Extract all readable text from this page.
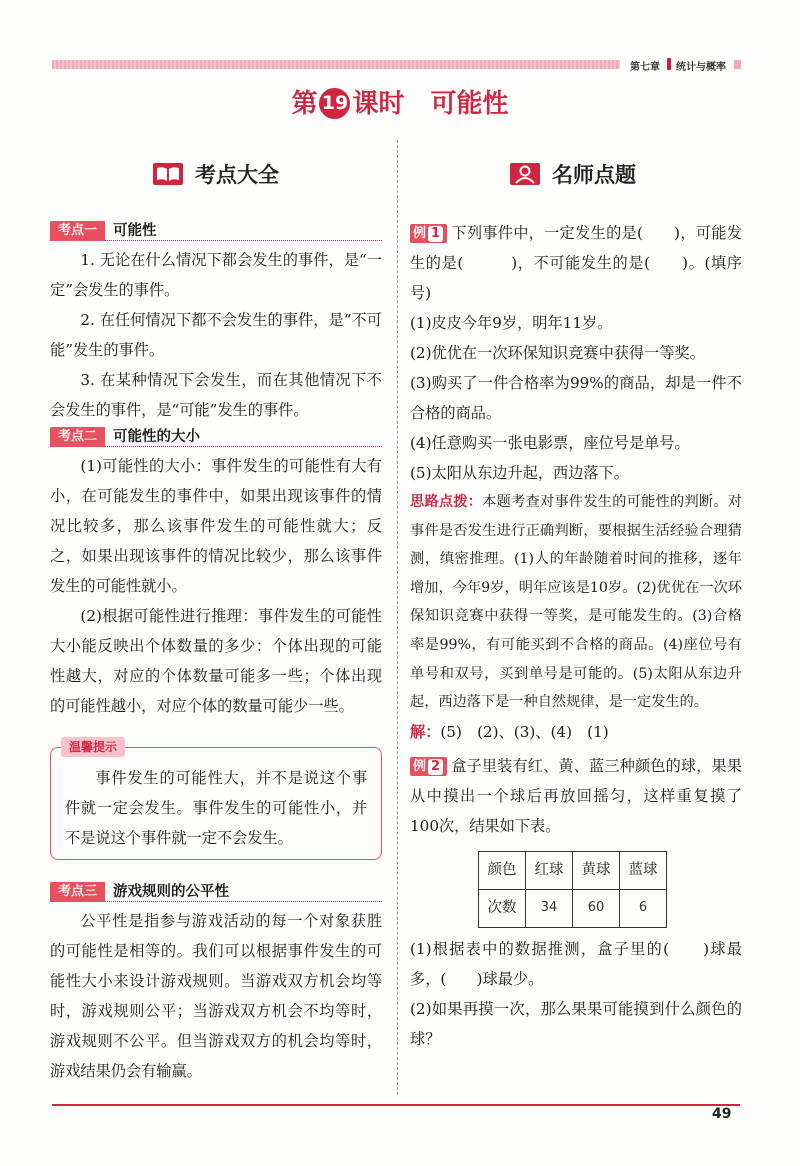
第七章 统计与概率
第 19 课时 可能性
考点大全	名师点题
考点一	可能性

1. 无论在什么情况下都会发生的事件，是“一定”会发生的事件。

2. 在任何情况下都不会发生的事件，是“不可能”发生的事件。

3. 在某种情况下会发生，而在其他情况下不会发生的事件，是“可能”发生的事件。

考点二	可能性的大小

(1)可能性的大小：事件发生的可能性有大有小，在可能发生的事件中，如果出现该事件的情况比较多，那么该事件发生的可能性就大；反之，如果出现该事件的情况比较少，那么该事件发生的可能性就小。

(2)根据可能性进行推理：事件发生的可能性大小能反映出个体数量的多少：个体出现的可能性越大，对应的个体数量可能多一些；个体出现的可能性越小，对应个体的数量可能少一些。

温馨提示

事件发生的可能性大，并不是说这个事件就一定会发生。事件发生的可能性小，并不是说这个事件就一定不会发生。

考点三	游戏规则的公平性

公平性是指参与游戏活动的每一个对象获胜的可能性是相等的。我们可以根据事件发生的可能性大小来设计游戏规则。当游戏双方机会均等时，游戏规则公平；当游戏双方机会不均等时，游戏规则不公平。但当游戏双方的机会均等时，游戏结果仍会有输赢。

例 1 下列事件中，一定发生的是(　　)，可能发生的是(　　　)，不可能发生的是(　　)。(填序号)

(1)皮皮今年9岁，明年11岁。

(2)优优在一次环保知识竞赛中获得一等奖。

(3)购买了一件合格率为99%的商品，却是一件不合格的商品。

(4)任意购买一张电影票，座位号是单号。

(5)太阳从东边升起，西边落下。

思路点拨：本题考查对事件发生的可能性的判断。对事件是否发生进行正确判断，要根据生活经验合理猜测，缜密推理。(1)人的年龄随着时间的推移，逐年增加，今年9岁，明年应该是10岁。(2)优优在一次环保知识竞赛中获得一等奖，是可能发生的。(3)合格率是99%，有可能买到不合格的商品。(4)座位号有单号和双号，买到单号是可能的。(5)太阳从东边升起，西边落下是一种自然规律，是一定发生的。

解：(5)　(2)、(3)、(4)　(1)

例 2 盒子里装有红、黄、蓝三种颜色的球，果果从中摸出一个球后再放回摇匀，这样重复摸了100次，结果如下表。

颜色	红球	黄球	蓝球
次数	34	60	6

(1)根据表中的数据推测，盒子里的(　　)球最多，(　　)球最少。

(2)如果再摸一次，那么果果可能摸到什么颜色的球？

49
